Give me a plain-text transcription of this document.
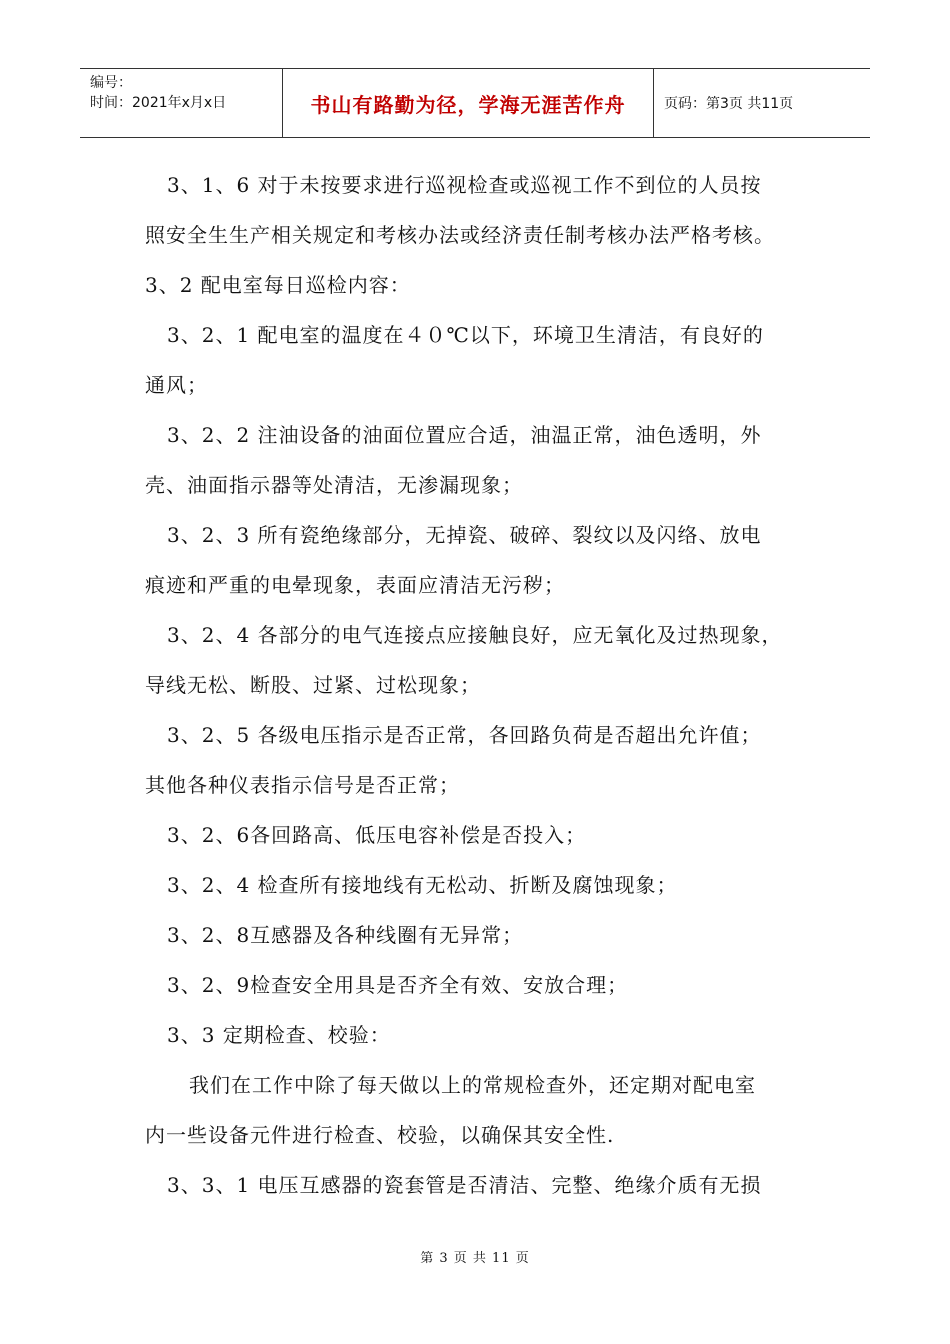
编号：
时间：2021年x月x日	书山有路勤为径，学海无涯苦作舟	页码：第3页 共11页
3、1、6 对于未按要求进行巡视检查或巡视工作不到位的人员按
照安全生生产相关规定和考核办法或经济责任制考核办法严格考核。
3、2 配电室每日巡检内容：
3、2、1 配电室的温度在４０℃以下，环境卫生清洁，有良好的
通风；
3、2、2 注油设备的油面位置应合适，油温正常，油色透明，外
壳、油面指示器等处清洁，无渗漏现象；
3、2、3 所有瓷绝缘部分，无掉瓷、破碎、裂纹以及闪络、放电
痕迹和严重的电晕现象，表面应清洁无污秽；
3、2、4 各部分的电气连接点应接触良好，应无氧化及过热现象，
导线无松、断股、过紧、过松现象；
3、2、5 各级电压指示是否正常，各回路负荷是否超出允许值；
其他各种仪表指示信号是否正常；
3、2、6各回路高、低压电容补偿是否投入；
3、2、4 检查所有接地线有无松动、折断及腐蚀现象；
3、2、8互感器及各种线圈有无异常；
3、2、9检查安全用具是否齐全有效、安放合理；
3、3 定期检查、校验：
我们在工作中除了每天做以上的常规检查外，还定期对配电室
内一些设备元件进行检查、校验，以确保其安全性.
3、3、1 电压互感器的瓷套管是否清洁、完整、绝缘介质有无损
第 3 页 共 11 页
